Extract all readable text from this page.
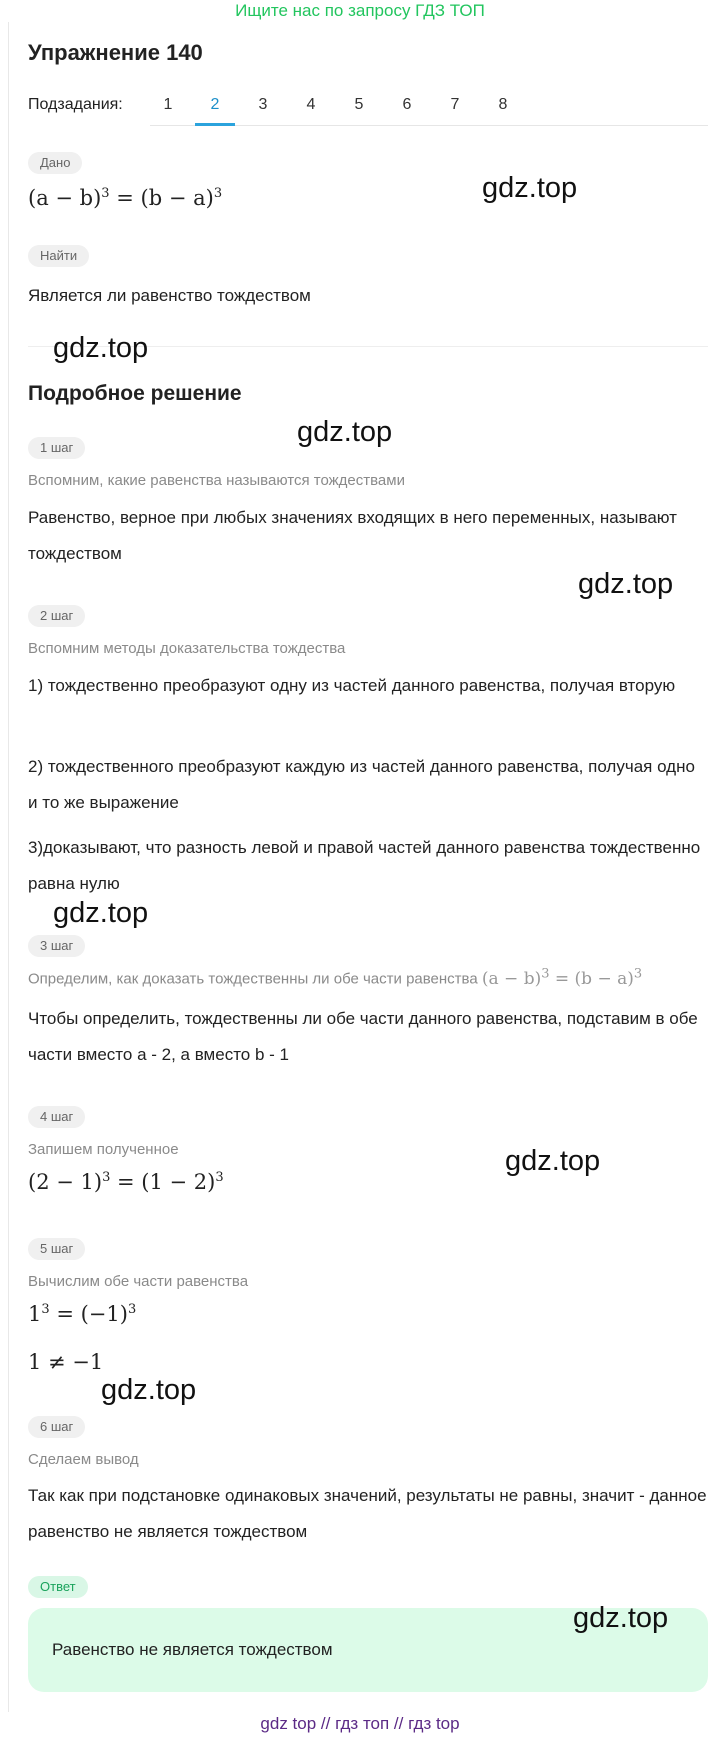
Ищите нас по запросу ГДЗ ТОП
Упражнение 140
Подзадания:	1	2	3	4	5	6	7	8
Дано
$(a - b)^3 = (b - a)^3$
Найти
Является ли равенство тождеством
Подробное решение
1 шаг
Вспомним, какие равенства называются тождествами
Равенство, верное при любых значениях входящих в него переменных, называют тождеством
2 шаг
Вспомним методы доказательства тождества
1) тождественно преобразуют одну из частей данного равенства, получая вторую
2) тождественного преобразуют каждую из частей данного равенства, получая одно и то же выражение
3)доказывают, что разность левой и правой частей данного равенства тождественно равна нулю
3 шаг
Определим, как доказать тождественны ли обе части равенства $(a - b)^3 = (b - a)^3$
Чтобы определить, тождественны ли обе части данного равенства, подставим в обе части вместо a - 2, а вместо b - 1
4 шаг
Запишем полученное
$(2 - 1)^3 = (1 - 2)^3$
5 шаг
Вычислим обе части равенства
$1^3 = (-1)^3$
1 ≠ −1
6 шаг
Сделаем вывод
Так как при подстановке одинаковых значений, результаты не равны, значит - данное равенство не является тождеством
Ответ
Равенство не является тождеством
gdz.top
gdz.top
gdz.top
gdz.top
gdz.top
gdz.top
gdz.top
gdz.top
gdz top // гдз топ // гдз top
